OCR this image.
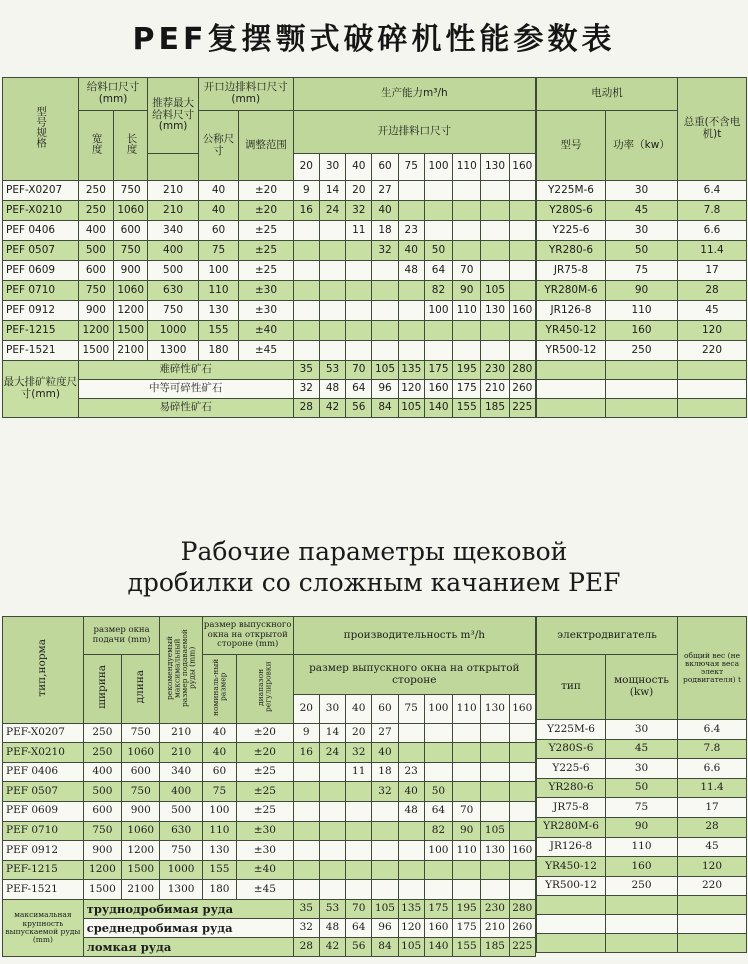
PEF复摆颚式破碎机性能参数表
型号规格	给料口尺寸(mm)		推荐最大给料尺寸(mm)	开口边排料口尺寸(mm)		生产能力m³/h								
	宽度	长度		公称尺寸	调整范围	开边排料口尺寸								
						20	30	40	60	75	100	110	130	160
PEF-X0207	250	750	210	40	±20	9	14	20	27					
PEF-X0210	250	1060	210	40	±20	16	24	32	40					
PEF 0406	400	600	340	60	±25			11	18	23				
PEF 0507	500	750	400	75	±25				32	40	50			
PEF 0609	600	900	500	100	±25					48	64	70		
PEF 0710	750	1060	630	110	±30						82	90	105	
PEF 0912	900	1200	750	130	±30						100	110	130	160
PEF-1215	1200	1500	1000	155	±40									
PEF-1521	1500	2100	1300	180	±45									
最大排矿粒度尺寸(mm)	难碎性矿石					35	53	70	105	135	175	195	230	280
	中等可碎性矿石					32	48	64	96	120	160	175	210	260
	易碎性矿石					28	42	56	84	105	140	155	185	225
电动机		总重(不含电机)t
型号	功率（kw）	

Y225M-6	30	6.4
Y280S-6	45	7.8
Y225-6	30	6.6
YR280-6	50	11.4
JR75-8	75	17
YR280M-6	90	28
JR126-8	110	45
YR450-12	160	120
YR500-12	250	220

Рабочие параметры щековой
дробилки со сложным качанием PEF
тип,норма	размер окна подачи (mm)		рекомендуемый максимальный размер подаваемой руды (mm)	размер выпускного окна на открытой стороне (mm)		производительность m³/h								
	ширина	длина		номиналь-ный размер	диапазон регулировки	размер выпускного окна на открытой стороне								
						20	30	40	60	75	100	110	130	160
PEF-X0207	250	750	210	40	±20	9	14	20	27					
PEF-X0210	250	1060	210	40	±20	16	24	32	40					
PEF 0406	400	600	340	60	±25			11	18	23				
PEF 0507	500	750	400	75	±25				32	40	50			
PEF 0609	600	900	500	100	±25					48	64	70		
PEF 0710	750	1060	630	110	±30						82	90	105	
PEF 0912	900	1200	750	130	±30						100	110	130	160
PEF-1215	1200	1500	1000	155	±40									
PEF-1521	1500	2100	1300	180	±45									
максимальная крупность выпускаемой руды (mm)	труднодробимая руда					35	53	70	105	135	175	195	230	280
	среднедробимая руда					32	48	64	96	120	160	175	210	260
	ломкая руда					28	42	56	84	105	140	155	185	225
электродвигатель		общий вес (не включая веса элект родвигателя) t
тип	мощность (kw)	

Y225M-6	30	6.4
Y280S-6	45	7.8
Y225-6	30	6.6
YR280-6	50	11.4
JR75-8	75	17
YR280M-6	90	28
JR126-8	110	45
YR450-12	160	120
YR500-12	250	220
